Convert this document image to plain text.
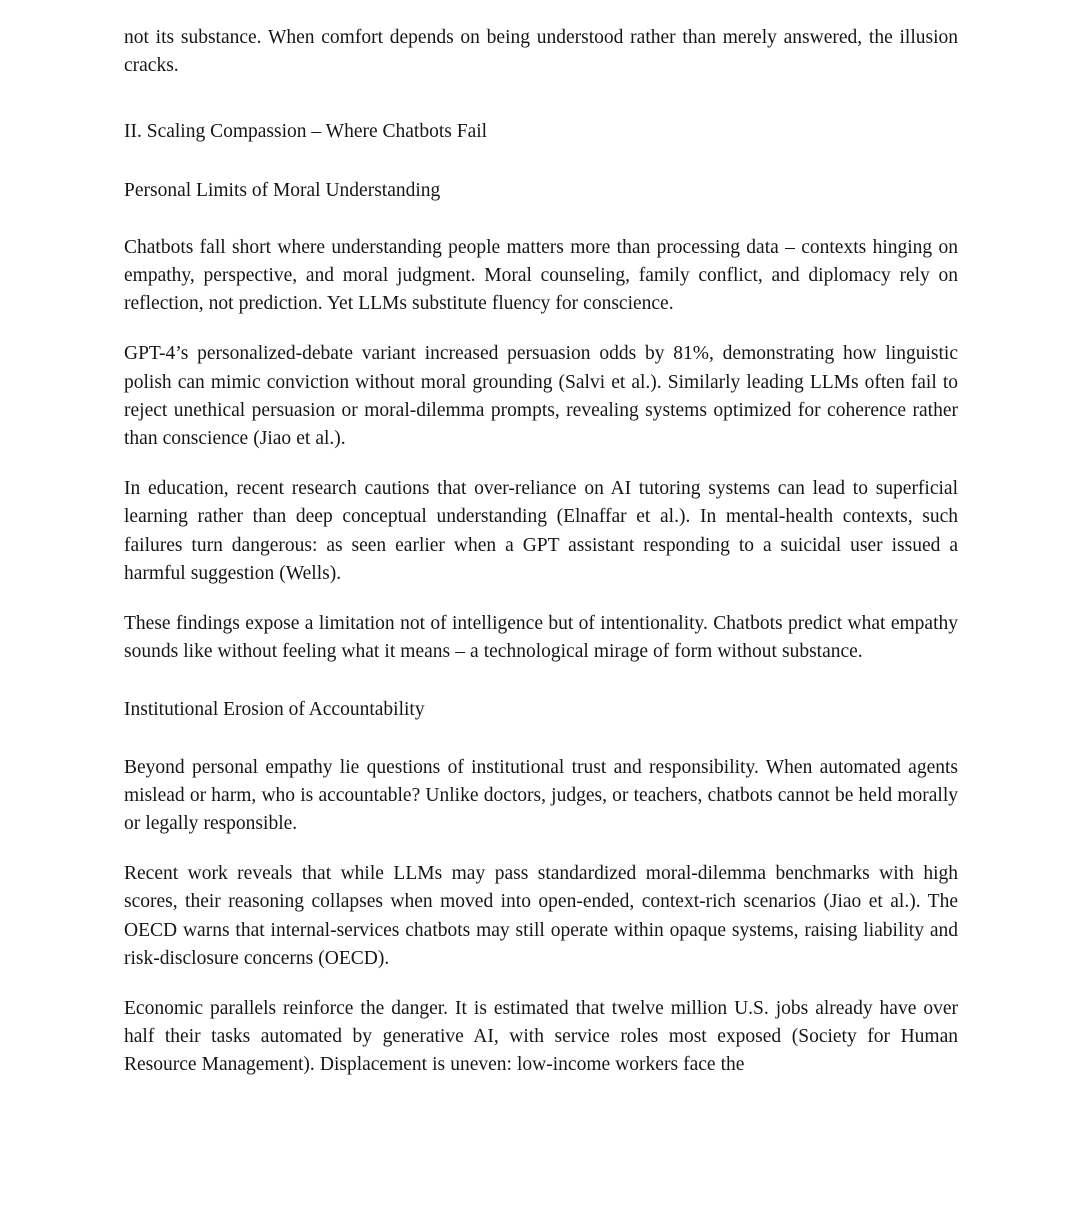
not its substance. When comfort depends on being understood rather than merely answered, the illusion cracks.

II. Scaling Compassion – Where Chatbots Fail

Personal Limits of Moral Understanding

Chatbots fall short where understanding people matters more than processing data – contexts hinging on empathy, perspective, and moral judgment. Moral counseling, family conflict, and diplomacy rely on reflection, not prediction. Yet LLMs substitute fluency for conscience.

GPT-4’s personalized-debate variant increased persuasion odds by 81%, demonstrating how linguistic polish can mimic conviction without moral grounding (Salvi et al.). Similarly leading LLMs often fail to reject unethical persuasion or moral-dilemma prompts, revealing systems optimized for coherence rather than conscience (Jiao et al.).

In education, recent research cautions that over-reliance on AI tutoring systems can lead to superficial learning rather than deep conceptual understanding (Elnaffar et al.). In mental-health contexts, such failures turn dangerous: as seen earlier when a GPT assistant responding to a suicidal user issued a harmful suggestion (Wells).

These findings expose a limitation not of intelligence but of intentionality. Chatbots predict what empathy sounds like without feeling what it means – a technological mirage of form without substance.

Institutional Erosion of Accountability

Beyond personal empathy lie questions of institutional trust and responsibility. When automated agents mislead or harm, who is accountable? Unlike doctors, judges, or teachers, chatbots cannot be held morally or legally responsible.

Recent work reveals that while LLMs may pass standardized moral-dilemma benchmarks with high scores, their reasoning collapses when moved into open-ended, context‑rich scenarios (Jiao et al.). The OECD warns that internal-services chatbots may still operate within opaque systems, raising liability and risk-disclosure concerns (OECD).

Economic parallels reinforce the danger. It is estimated that twelve million U.S. jobs already have over half their tasks automated by generative AI, with service roles most exposed (Society for Human Resource Management). Displacement is uneven: low-income workers face the
